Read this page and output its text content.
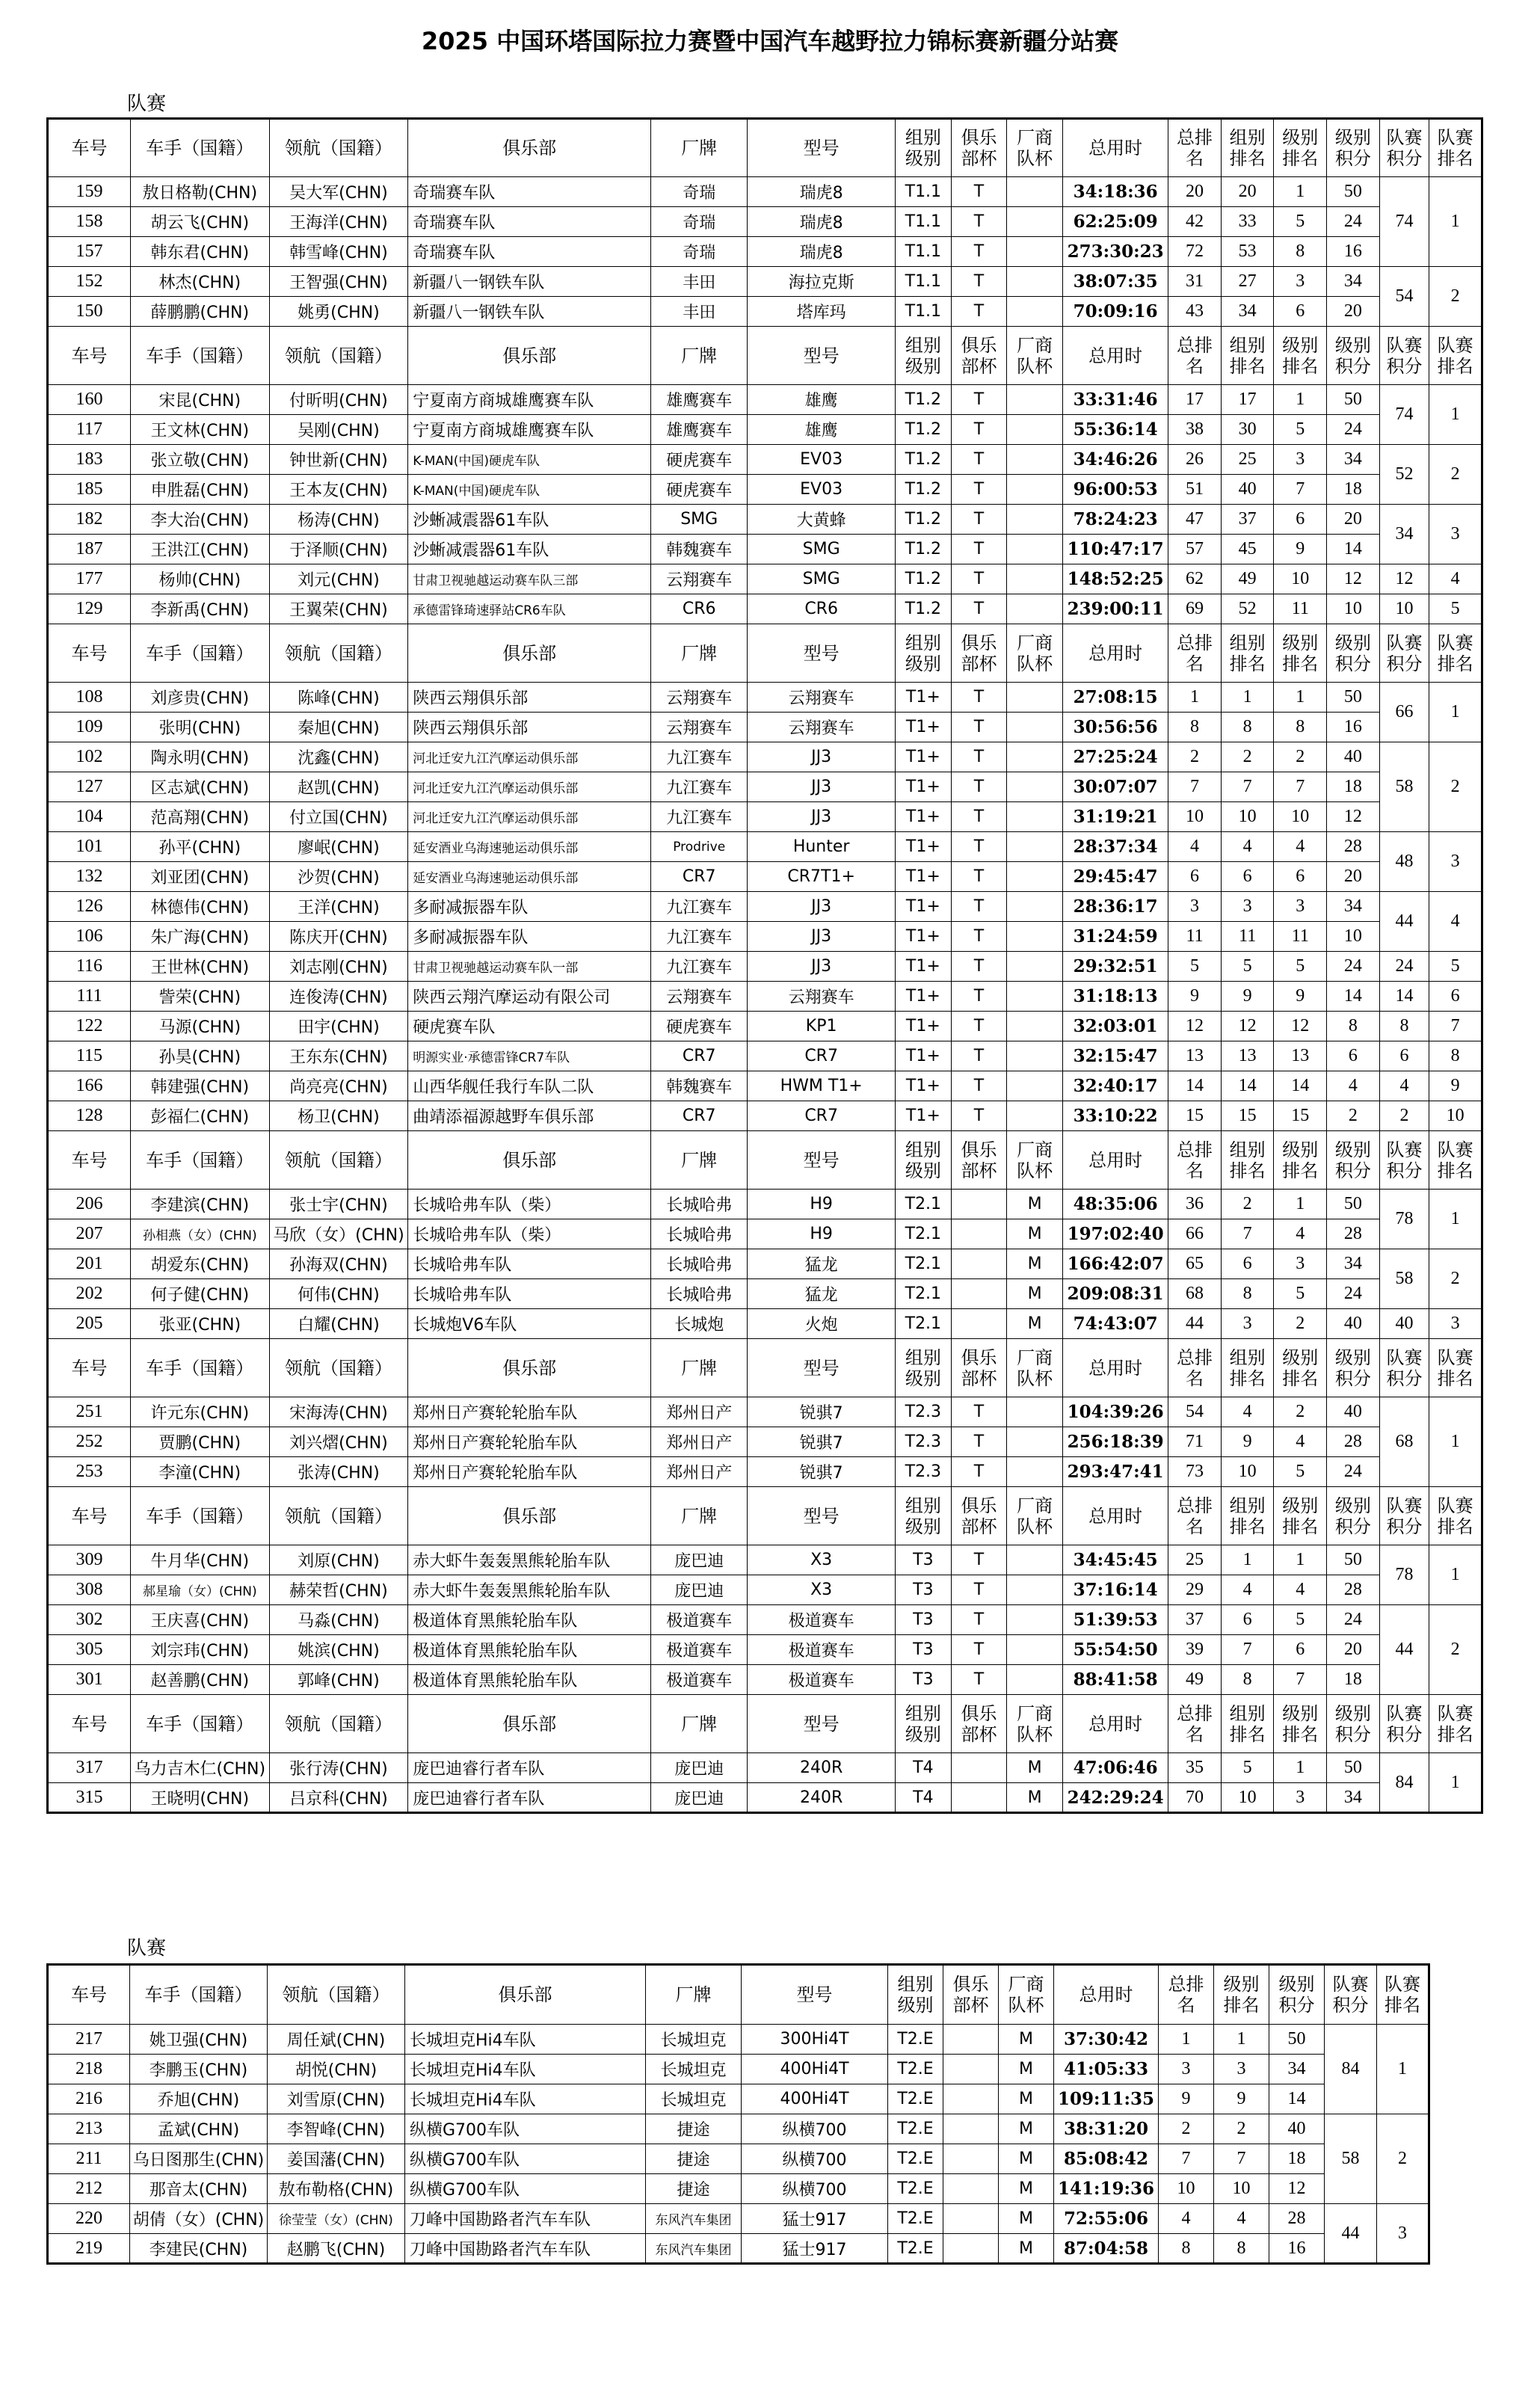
2025 中国环塔国际拉力赛暨中国汽车越野拉力锦标赛新疆分站赛
队赛
车号	车手（国籍）	领航（国籍）	俱乐部	厂牌	型号	组别级别	俱乐部杯	厂商队杯	总用时	总排名	组别排名	级别排名	级别积分	队赛积分	队赛排名
159	敖日格勒(CHN)	吴大军(CHN)	奇瑞赛车队	奇瑞	瑞虎8	T1.1	T		34:18:36	20	20	1	50	74	1
158	胡云飞(CHN)	王海洋(CHN)	奇瑞赛车队	奇瑞	瑞虎8	T1.1	T		62:25:09	42	33	5	24		
157	韩东君(CHN)	韩雪峰(CHN)	奇瑞赛车队	奇瑞	瑞虎8	T1.1	T		273:30:23	72	53	8	16		
152	林杰(CHN)	王智强(CHN)	新疆八一钢铁车队	丰田	海拉克斯	T1.1	T		38:07:35	31	27	3	34	54	2
150	薛鹏鹏(CHN)	姚勇(CHN)	新疆八一钢铁车队	丰田	塔库玛	T1.1	T		70:09:16	43	34	6	20		
车号	车手（国籍）	领航（国籍）	俱乐部	厂牌	型号	组别级别	俱乐部杯	厂商队杯	总用时	总排名	组别排名	级别排名	级别积分	队赛积分	队赛排名
160	宋昆(CHN)	付昕明(CHN)	宁夏南方商城雄鹰赛车队	雄鹰赛车	雄鹰	T1.2	T		33:31:46	17	17	1	50	74	1
117	王文林(CHN)	吴刚(CHN)	宁夏南方商城雄鹰赛车队	雄鹰赛车	雄鹰	T1.2	T		55:36:14	38	30	5	24		
183	张立敬(CHN)	钟世新(CHN)	K-MAN(中国)硬虎车队	硬虎赛车	EV03	T1.2	T		34:46:26	26	25	3	34	52	2
185	申胜磊(CHN)	王本友(CHN)	K-MAN(中国)硬虎车队	硬虎赛车	EV03	T1.2	T		96:00:53	51	40	7	18		
182	李大治(CHN)	杨涛(CHN)	沙蜥减震器61车队	SMG	大黄蜂	T1.2	T		78:24:23	47	37	6	20	34	3
187	王洪江(CHN)	于泽顺(CHN)	沙蜥减震器61车队	韩魏赛车	SMG	T1.2	T		110:47:17	57	45	9	14		
177	杨帅(CHN)	刘元(CHN)	甘肃卫视驰越运动赛车队三部	云翔赛车	SMG	T1.2	T		148:52:25	62	49	10	12	12	4
129	李新禹(CHN)	王翼荣(CHN)	承德雷锋琦速驿站CR6车队	CR6	CR6	T1.2	T		239:00:11	69	52	11	10	10	5
车号	车手（国籍）	领航（国籍）	俱乐部	厂牌	型号	组别级别	俱乐部杯	厂商队杯	总用时	总排名	组别排名	级别排名	级别积分	队赛积分	队赛排名
108	刘彦贵(CHN)	陈峰(CHN)	陕西云翔俱乐部	云翔赛车	云翔赛车	T1+	T		27:08:15	1	1	1	50	66	1
109	张明(CHN)	秦旭(CHN)	陕西云翔俱乐部	云翔赛车	云翔赛车	T1+	T		30:56:56	8	8	8	16		
102	陶永明(CHN)	沈鑫(CHN)	河北迁安九江汽摩运动俱乐部	九江赛车	JJ3	T1+	T		27:25:24	2	2	2	40	58	2
127	区志斌(CHN)	赵凯(CHN)	河北迁安九江汽摩运动俱乐部	九江赛车	JJ3	T1+	T		30:07:07	7	7	7	18		
104	范高翔(CHN)	付立国(CHN)	河北迁安九江汽摩运动俱乐部	九江赛车	JJ3	T1+	T		31:19:21	10	10	10	12		
101	孙平(CHN)	廖岷(CHN)	延安酒业乌海速驰运动俱乐部	Prodrive	Hunter	T1+	T		28:37:34	4	4	4	28	48	3
132	刘亚团(CHN)	沙贺(CHN)	延安酒业乌海速驰运动俱乐部	CR7	CR7T1+	T1+	T		29:45:47	6	6	6	20		
126	林德伟(CHN)	王洋(CHN)	多耐减振器车队	九江赛车	JJ3	T1+	T		28:36:17	3	3	3	34	44	4
106	朱广海(CHN)	陈庆开(CHN)	多耐减振器车队	九江赛车	JJ3	T1+	T		31:24:59	11	11	11	10		
116	王世林(CHN)	刘志刚(CHN)	甘肃卫视驰越运动赛车队一部	九江赛车	JJ3	T1+	T		29:32:51	5	5	5	24	24	5
111	訾荣(CHN)	连俊涛(CHN)	陕西云翔汽摩运动有限公司	云翔赛车	云翔赛车	T1+	T		31:18:13	9	9	9	14	14	6
122	马源(CHN)	田宇(CHN)	硬虎赛车队	硬虎赛车	KP1	T1+	T		32:03:01	12	12	12	8	8	7
115	孙昊(CHN)	王东东(CHN)	明源实业·承德雷锋CR7车队	CR7	CR7	T1+	T		32:15:47	13	13	13	6	6	8
166	韩建强(CHN)	尚亮亮(CHN)	山西华舰任我行车队二队	韩魏赛车	HWM T1+	T1+	T		32:40:17	14	14	14	4	4	9
128	彭福仁(CHN)	杨卫(CHN)	曲靖添福源越野车俱乐部	CR7	CR7	T1+	T		33:10:22	15	15	15	2	2	10
车号	车手（国籍）	领航（国籍）	俱乐部	厂牌	型号	组别级别	俱乐部杯	厂商队杯	总用时	总排名	组别排名	级别排名	级别积分	队赛积分	队赛排名
206	李建滨(CHN)	张士宇(CHN)	长城哈弗车队（柴）	长城哈弗	H9	T2.1		M	48:35:06	36	2	1	50	78	1
207	孙相燕（女）(CHN)	马欣（女）(CHN)	长城哈弗车队（柴）	长城哈弗	H9	T2.1		M	197:02:40	66	7	4	28		
201	胡爱东(CHN)	孙海双(CHN)	长城哈弗车队	长城哈弗	猛龙	T2.1		M	166:42:07	65	6	3	34	58	2
202	何子健(CHN)	何伟(CHN)	长城哈弗车队	长城哈弗	猛龙	T2.1		M	209:08:31	68	8	5	24		
205	张亚(CHN)	白耀(CHN)	长城炮V6车队	长城炮	火炮	T2.1		M	74:43:07	44	3	2	40	40	3
车号	车手（国籍）	领航（国籍）	俱乐部	厂牌	型号	组别级别	俱乐部杯	厂商队杯	总用时	总排名	组别排名	级别排名	级别积分	队赛积分	队赛排名
251	许元东(CHN)	宋海涛(CHN)	郑州日产赛轮轮胎车队	郑州日产	锐骐7	T2.3	T		104:39:26	54	4	2	40	68	1
252	贾鹏(CHN)	刘兴熠(CHN)	郑州日产赛轮轮胎车队	郑州日产	锐骐7	T2.3	T		256:18:39	71	9	4	28		
253	李潼(CHN)	张涛(CHN)	郑州日产赛轮轮胎车队	郑州日产	锐骐7	T2.3	T		293:47:41	73	10	5	24		
车号	车手（国籍）	领航（国籍）	俱乐部	厂牌	型号	组别级别	俱乐部杯	厂商队杯	总用时	总排名	组别排名	级别排名	级别积分	队赛积分	队赛排名
309	牛月华(CHN)	刘原(CHN)	赤大虾牛轰轰黑熊轮胎车队	庞巴迪	X3	T3	T		34:45:45	25	1	1	50	78	1
308	郝星瑜（女）(CHN)	赫荣哲(CHN)	赤大虾牛轰轰黑熊轮胎车队	庞巴迪	X3	T3	T		37:16:14	29	4	4	28		
302	王庆喜(CHN)	马淼(CHN)	极道体育黑熊轮胎车队	极道赛车	极道赛车	T3	T		51:39:53	37	6	5	24	44	2
305	刘宗玮(CHN)	姚滨(CHN)	极道体育黑熊轮胎车队	极道赛车	极道赛车	T3	T		55:54:50	39	7	6	20		
301	赵善鹏(CHN)	郭峰(CHN)	极道体育黑熊轮胎车队	极道赛车	极道赛车	T3	T		88:41:58	49	8	7	18		
车号	车手（国籍）	领航（国籍）	俱乐部	厂牌	型号	组别级别	俱乐部杯	厂商队杯	总用时	总排名	组别排名	级别排名	级别积分	队赛积分	队赛排名
317	乌力吉木仁(CHN)	张行涛(CHN)	庞巴迪睿行者车队	庞巴迪	240R	T4		M	47:06:46	35	5	1	50	84	1
315	王晓明(CHN)	吕京科(CHN)	庞巴迪睿行者车队	庞巴迪	240R	T4		M	242:29:24	70	10	3	34		
队赛
车号	车手（国籍）	领航（国籍）	俱乐部	厂牌	型号	组别级别	俱乐部杯	厂商队杯	总用时	总排名	级别排名	级别积分	队赛积分	队赛排名
217	姚卫强(CHN)	周任斌(CHN)	长城坦克Hi4车队	长城坦克	300Hi4T	T2.E		M	37:30:42	1	1	50	84	1
218	李鹏玉(CHN)	胡悦(CHN)	长城坦克Hi4车队	长城坦克	400Hi4T	T2.E		M	41:05:33	3	3	34		
216	乔旭(CHN)	刘雪原(CHN)	长城坦克Hi4车队	长城坦克	400Hi4T	T2.E		M	109:11:35	9	9	14		
213	孟斌(CHN)	李智峰(CHN)	纵横G700车队	捷途	纵横700	T2.E		M	38:31:20	2	2	40	58	2
211	乌日图那生(CHN)	姜国藩(CHN)	纵横G700车队	捷途	纵横700	T2.E		M	85:08:42	7	7	18		
212	那音太(CHN)	敖布勒格(CHN)	纵横G700车队	捷途	纵横700	T2.E		M	141:19:36	10	10	12		
220	胡倩（女）(CHN)	徐莹莹（女）(CHN)	刀峰中国勘路者汽车车队	东风汽车集团	猛士917	T2.E		M	72:55:06	4	4	28	44	3
219	李建民(CHN)	赵鹏飞(CHN)	刀峰中国勘路者汽车车队	东风汽车集团	猛士917	T2.E		M	87:04:58	8	8	16		
